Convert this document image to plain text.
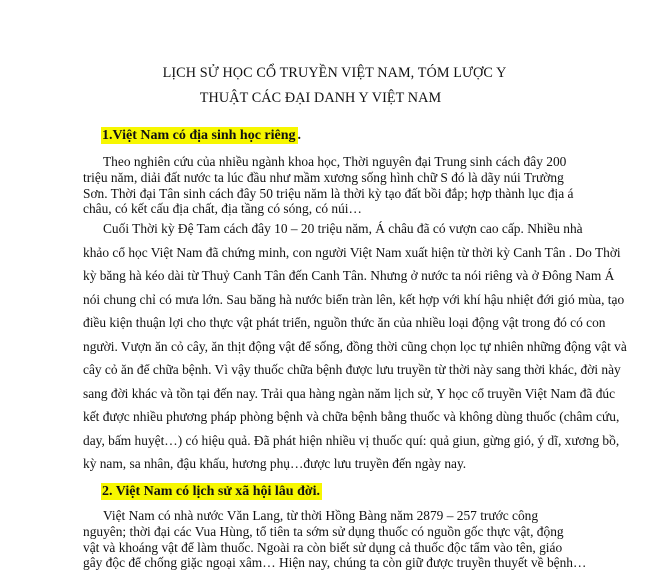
LỊCH SỬ HỌC CỔ TRUYỀN VIỆT NAM, TÓM LƯỢC Y
THUẬT CÁC ĐẠI DANH Y VIỆT NAM
1.Việt Nam có địa sinh học riêng .
Theo nghiên cứu của nhiều ngành khoa học, Thời nguyên đại Trung sinh cách đây 200
triệu năm, diải đất nước ta lúc đầu như mầm xương sống hình chữ S đó là dãy núi Trường
Sơn. Thời đại Tân sinh cách đây 50 triệu năm là thời kỳ tạo đất bồi đắp; hợp thành lục địa á
châu, có kết cấu địa chất, địa tầng có sóng, có núi…
Cuối Thời kỳ Đệ Tam cách đây 10 – 20 triệu năm, Á châu đã có vượn cao cấp. Nhiều nhà
khảo cổ học Việt Nam đã chứng minh, con người Việt Nam xuất hiện từ thời kỳ Canh Tân . Do Thời
kỳ băng hà kéo dài từ Thuỷ Canh Tân đến Canh Tân. Nhưng ở nước ta nói riêng và ở Đông Nam Á
nói chung chỉ có mưa lớn. Sau băng hà nước biển tràn lên, kết hợp với khí hậu nhiệt đới gió mùa, tạo
điều kiện thuận lợi cho thực vật phát triển, nguồn thức ăn của nhiều loại động vật trong đó có con
người. Vượn ăn cỏ cây, ăn thịt động vật để sống, đồng thời cũng chọn lọc tự nhiên những động vật và
cây cỏ ăn để chữa bệnh. Vì vậy thuốc chữa bệnh được lưu truyền từ thời này sang thời khác, đời này
sang đời khác và tồn tại đến nay. Trải qua hàng ngàn năm lịch sử, Y học cổ truyền Việt Nam đã đúc
kết được nhiều phương pháp phòng bệnh và chữa bệnh bằng thuốc và không dùng thuốc (châm cứu,
day, bấm huyệt…) có hiệu quả. Đã phát hiện nhiều vị thuốc quí: quả giun, gừng gió, ý dĩ, xương bồ,
kỳ nam, sa nhân, đậu khấu, hương phụ…được lưu truyền đến ngày nay.
2. Việt Nam có lịch sử xã hội lâu đời.
Việt Nam có nhà nước Văn Lang, từ thời Hồng Bàng năm 2879 – 257 trước công
nguyên; thời đại các Vua Hùng, tổ tiên ta sớm sử dụng thuốc có nguồn gốc thực vật, động
vật và khoáng vật để làm thuốc. Ngoài ra còn biết sử dụng cả thuốc độc tẩm vào tên, giáo
gây độc để chống giặc ngoại xâm… Hiện nay, chúng ta còn giữ được truyền thuyết về bệnh…
